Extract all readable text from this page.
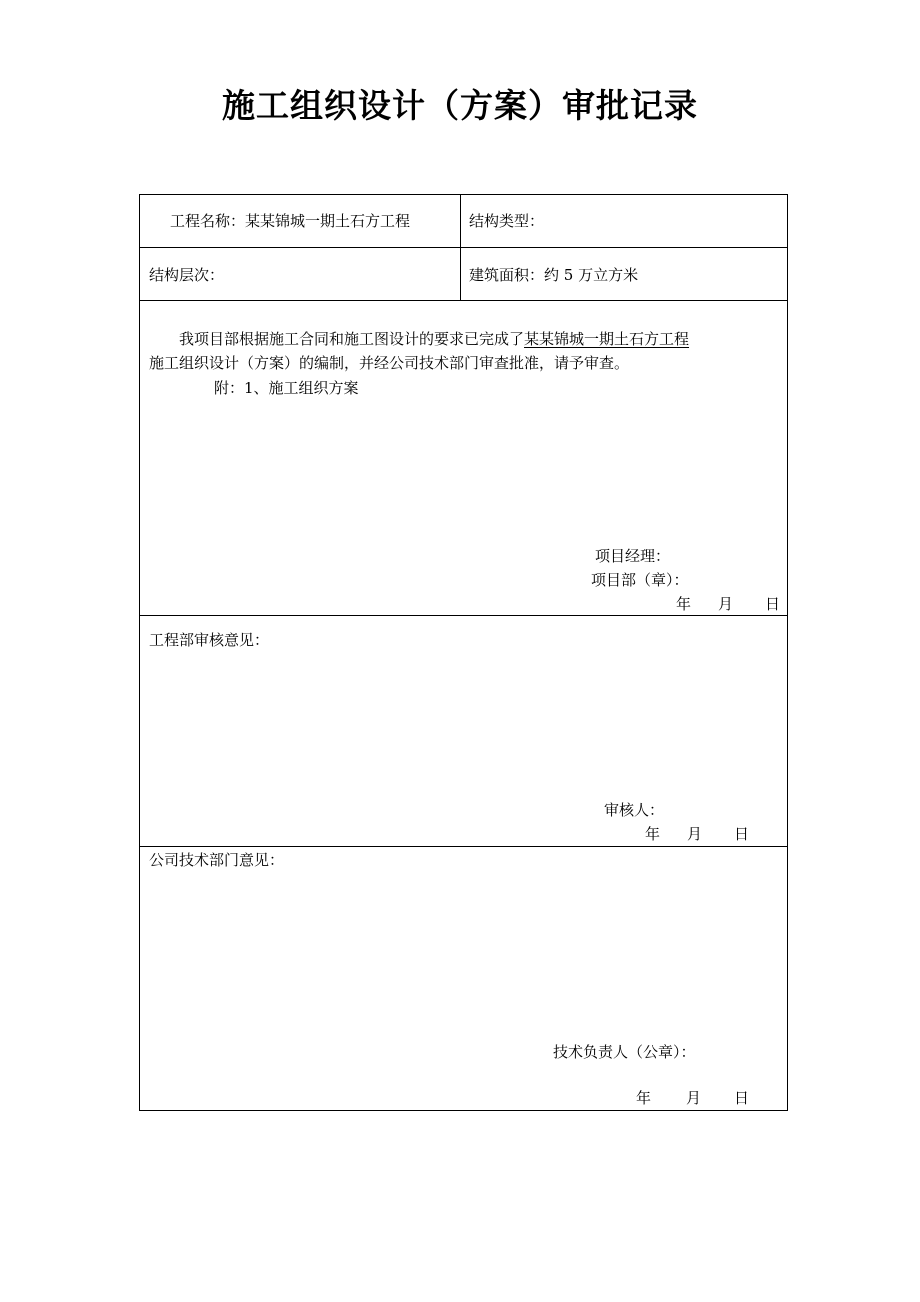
施工组织设计（方案）审批记录
工程名称：某某锦城一期土石方工程	结构类型：
结构层次：	建筑面积：约 5 万立方米
我项目部根据施工合同和施工图设计的要求已完成了某某锦城一期土石方工程
施工组织设计（方案）的编制，并经公司技术部门审查批准，请予审查。
附：1、施工组织方案
项目经理：
项目部（章）：
年 月 日
工程部审核意见：
审核人：
年 月 日
公司技术部门意见：
技术负责人（公章）：
年 月 日
